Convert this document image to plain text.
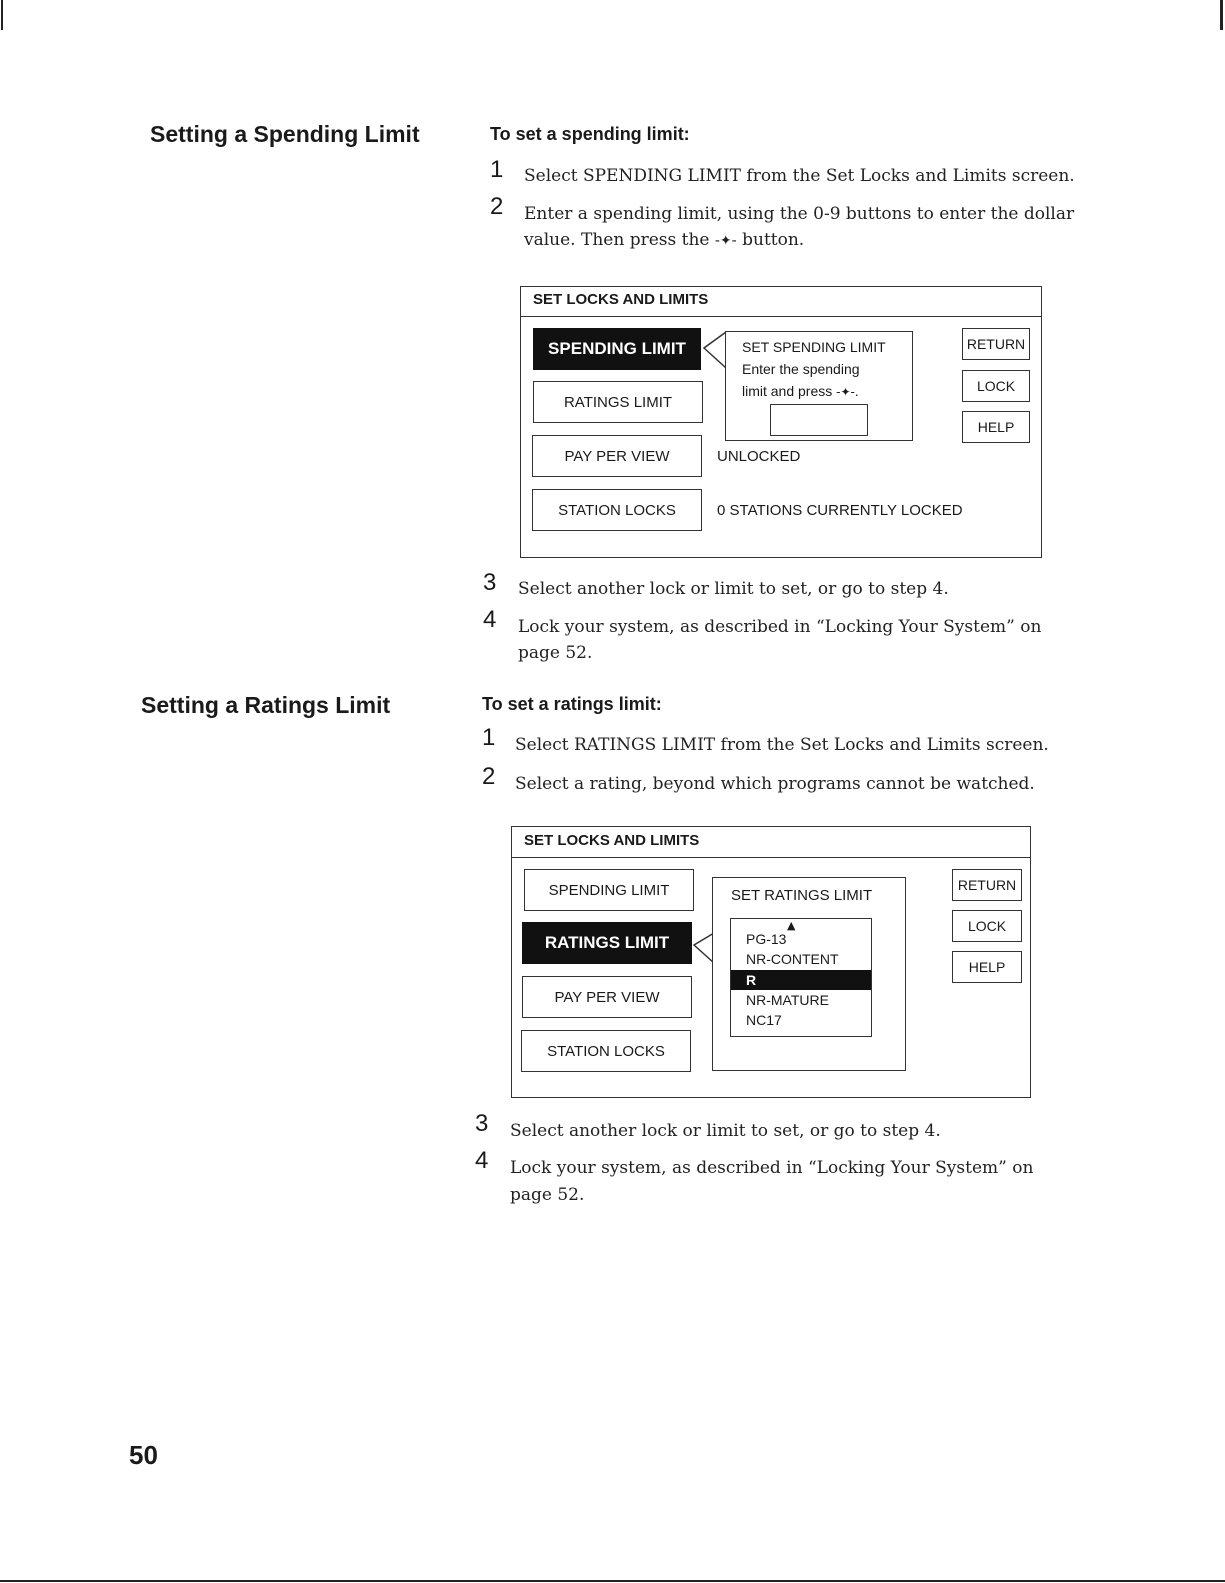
Setting a Spending Limit	To set a spending limit:
1 Select SPENDING LIMIT from the Set Locks and Limits screen.
2 Enter a spending limit, using the 0-9 buttons to enter the dollar
value. Then press the -✦- button.
SET LOCKS AND LIMITS
SPENDING LIMIT
RATINGS LIMIT
PAY PER VIEW
STATION LOCKS
SET SPENDING LIMIT
Enter the spending
limit and press -✦-.
UNLOCKED
0 STATIONS CURRENTLY LOCKED
RETURN
LOCK
HELP
3 Select another lock or limit to set, or go to step 4.
4 Lock your system, as described in “Locking Your System” on
page 52.
Setting a Ratings Limit	To set a ratings limit:
1 Select RATINGS LIMIT from the Set Locks and Limits screen.
2 Select a rating, beyond which programs cannot be watched.
SET LOCKS AND LIMITS
SPENDING LIMIT
RATINGS LIMIT
PAY PER VIEW
STATION LOCKS
SET RATINGS LIMIT
▲
PG-13
NR-CONTENT
R
NR-MATURE
NC17
RETURN
LOCK
HELP
3 Select another lock or limit to set, or go to step 4.
4 Lock your system, as described in “Locking Your System” on
page 52.
50
